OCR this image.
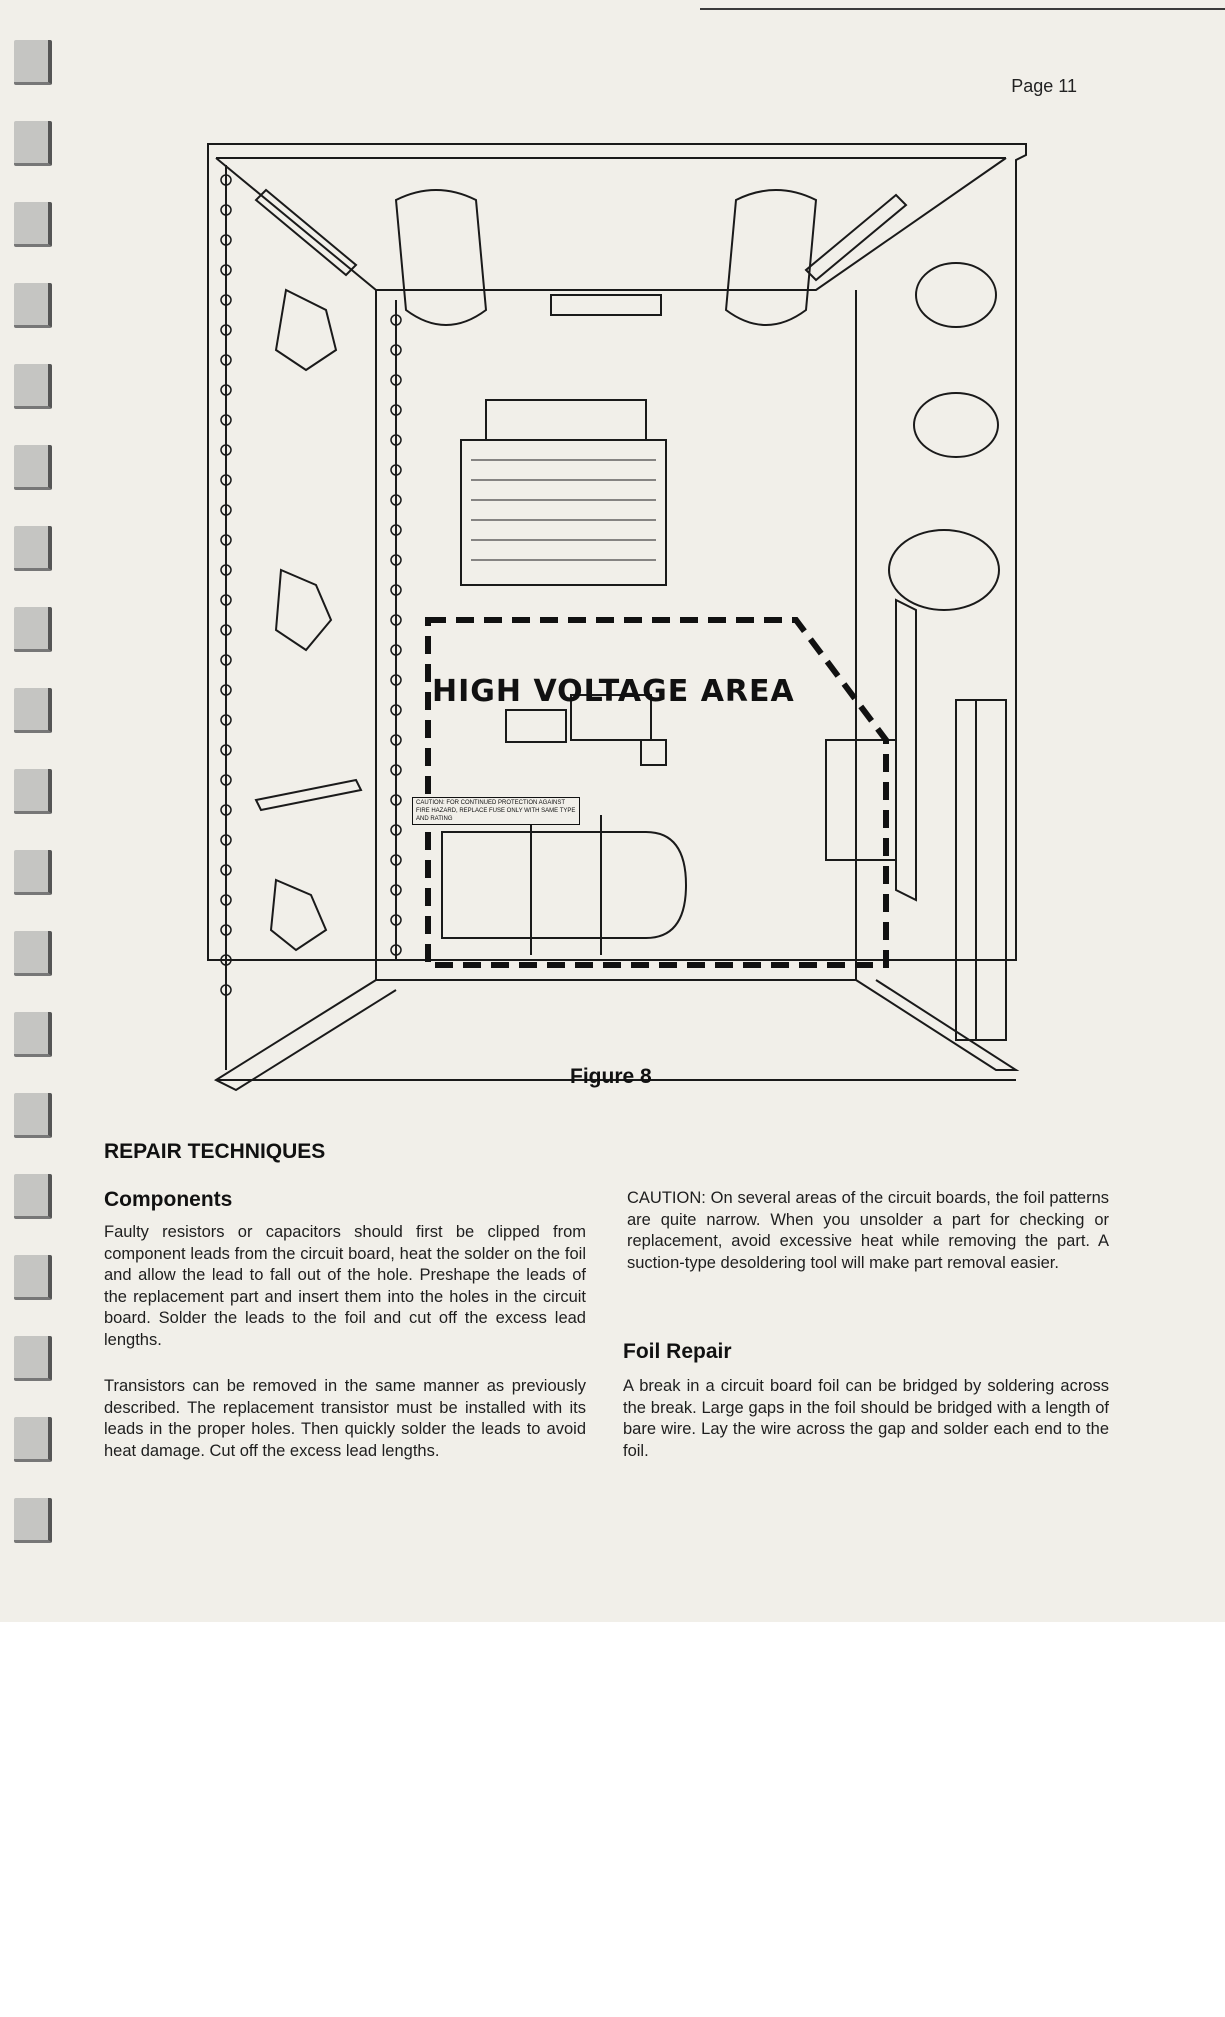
Page 11
HIGH VOLTAGE AREA
CAUTION: FOR CONTINUED PROTECTION AGAINST FIRE HAZARD, REPLACE FUSE ONLY WITH SAME TYPE AND RATING
Figure 8
REPAIR TECHNIQUES
Components
Faulty resistors or capacitors should first be clipped from component leads from the circuit board, heat the solder on the foil and allow the lead to fall out of the hole. Preshape the leads of the replacement part and insert them into the holes in the circuit board. Solder the leads to the foil and cut off the excess lead lengths.
Transistors can be removed in the same manner as previously described. The replacement transistor must be installed with its leads in the proper holes. Then quickly solder the leads to avoid heat damage. Cut off the excess lead lengths.
CAUTION: On several areas of the circuit boards, the foil patterns are quite narrow. When you unsolder a part for checking or replacement, avoid excessive heat while removing the part. A suction-type desoldering tool will make part removal easier.
Foil Repair
A break in a circuit board foil can be bridged by soldering across the break. Large gaps in the foil should be bridged with a length of bare wire. Lay the wire across the gap and solder each end to the foil.
